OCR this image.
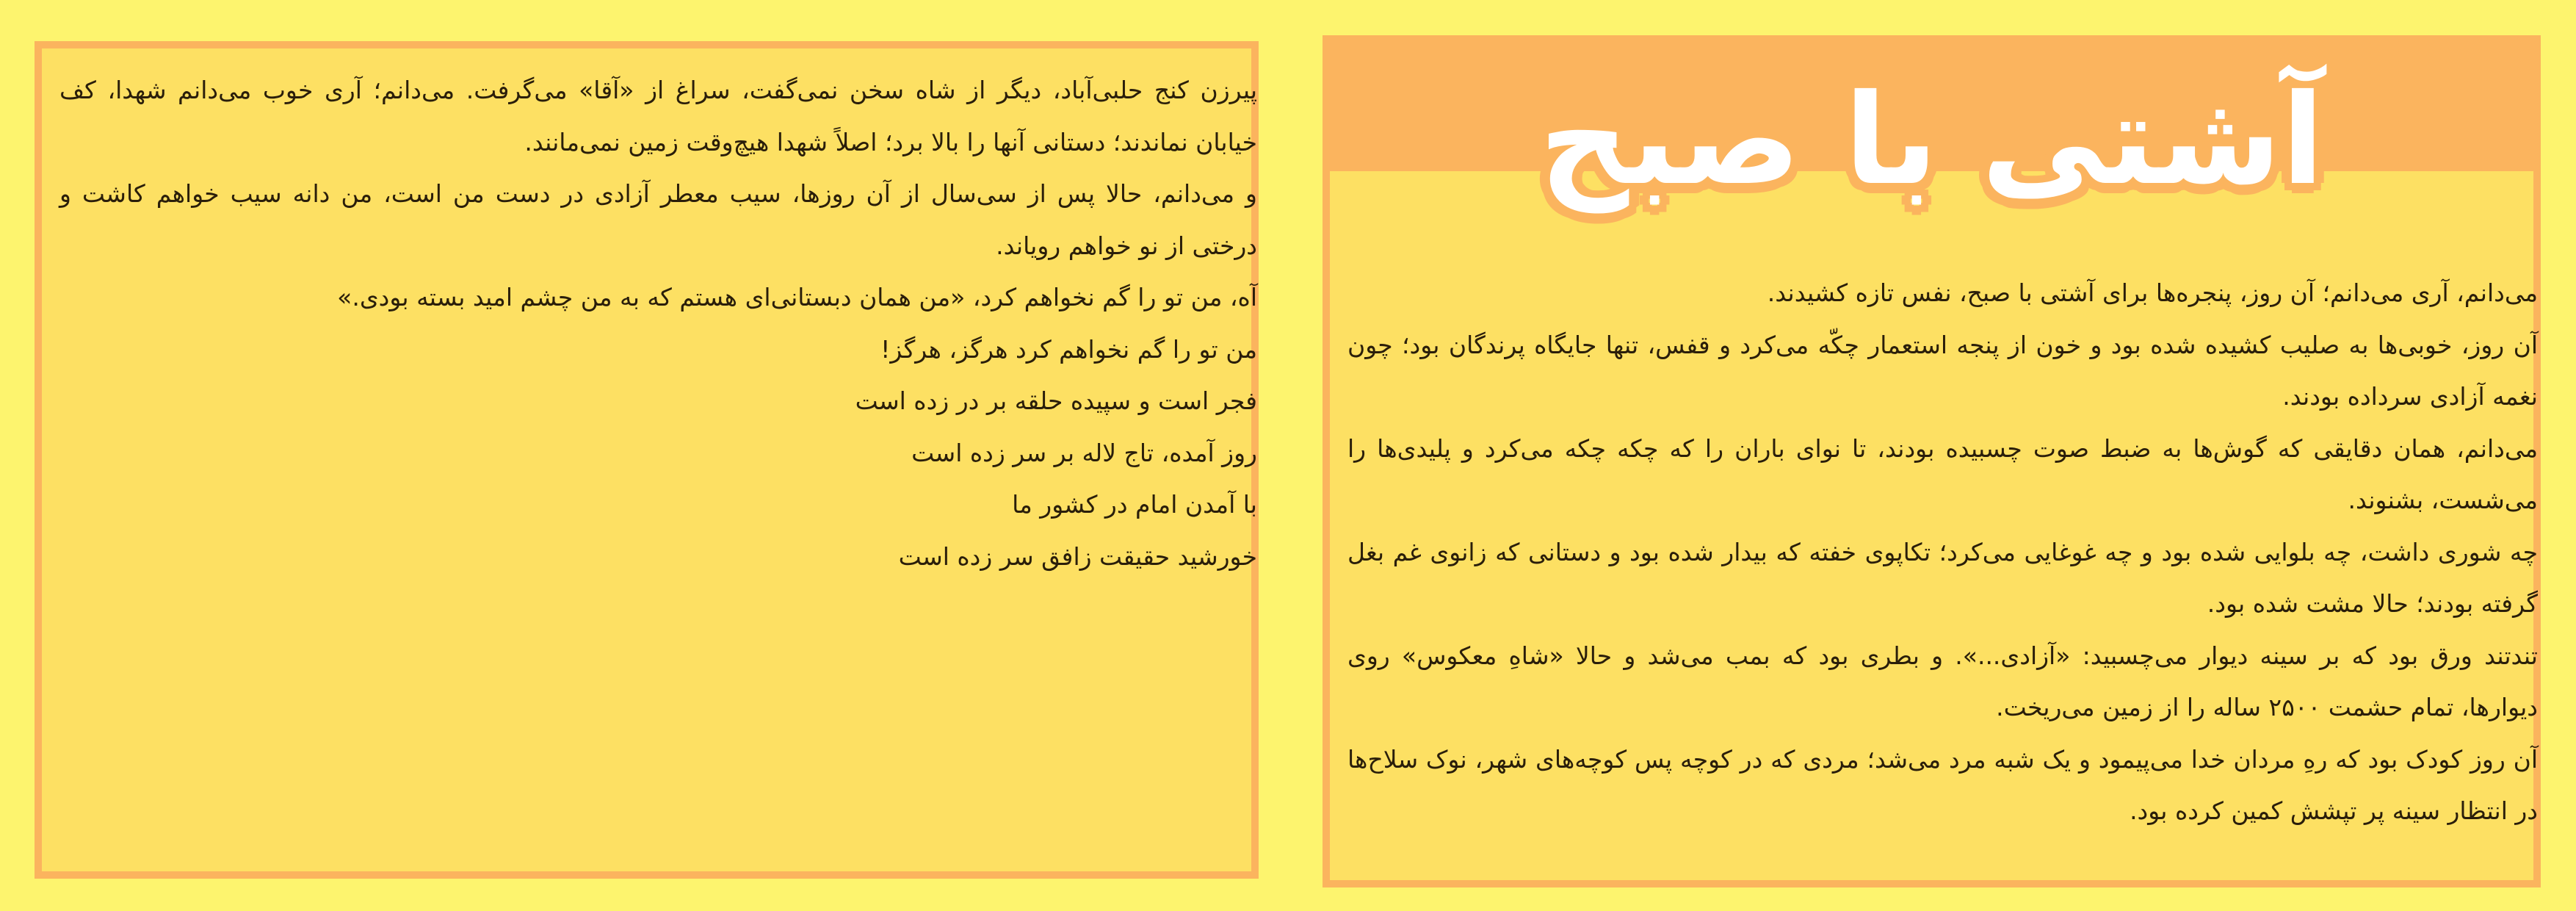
پیرزن کنج حلبی‌آباد، دیگر از شاه سخن نمی‌گفت، سراغ از «آقا» می‌گرفت. می‌دانم؛ آری خوب می‌دانم شهدا، کف خیابان نماندند؛ دستانی آنها را بالا برد؛ اصلاً شهدا هیچ‌وقت زمین نمی‌مانند.

و می‌دانم، حالا پس از سی‌سال از آن روزها، سیب معطر آزادی در دست من است، من دانه سیب خواهم کاشت و درختی از نو خواهم رویاند.

آه، من تو را گم نخواهم کرد، «من همان دبستانی‌ای هستم که به من چشم امید بسته بودی.»

من تو را گم نخواهم کرد هرگز، هرگز!

فجر است و سپیده حلقه بر در زده است

روز آمده، تاج لاله بر سر زده است

با آمدن امام در کشور ما

خورشید حقیقت زافق سر زده است

آشتی با صبح

می‌دانم، آری می‌دانم؛ آن روز، پنجره‌ها برای آشتی با صبح، نفس تازه کشیدند.

آن روز، خوبی‌ها به صلیب کشیده شده بود و خون از پنجه استعمار چکّه می‌کرد و قفس، تنها جایگاه پرندگان بود؛ چون نغمه آزادی سرداده بودند.

می‌دانم، همان دقایقی که گوش‌ها به ضبط صوت چسبیده بودند، تا نوای باران را که چکه چکه می‌کرد و پلیدی‌ها را می‌شست، بشنوند.

چه شوری داشت، چه بلوایی شده بود و چه غوغایی می‌کرد؛ تکاپوی خفته که بیدار شده بود و دستانی که زانوی غم بغل گرفته بودند؛ حالا مشت شده بود.

تندتند ورق بود که بر سینه دیوار می‌چسبید: «آزادی...». و بطری بود که بمب می‌شد و حالا «شاهِ معکوس» روی دیوارها، تمام حشمت ۲۵۰۰ ساله را از زمین می‌ریخت.

آن روز کودک بود که رهِ مردان خدا می‌پیمود و یک شبه مرد می‌شد؛ مردی که در کوچه پس کوچه‌های شهر، نوک سلاح‌ها در انتظار سینه پر تپشش کمین کرده بود.
